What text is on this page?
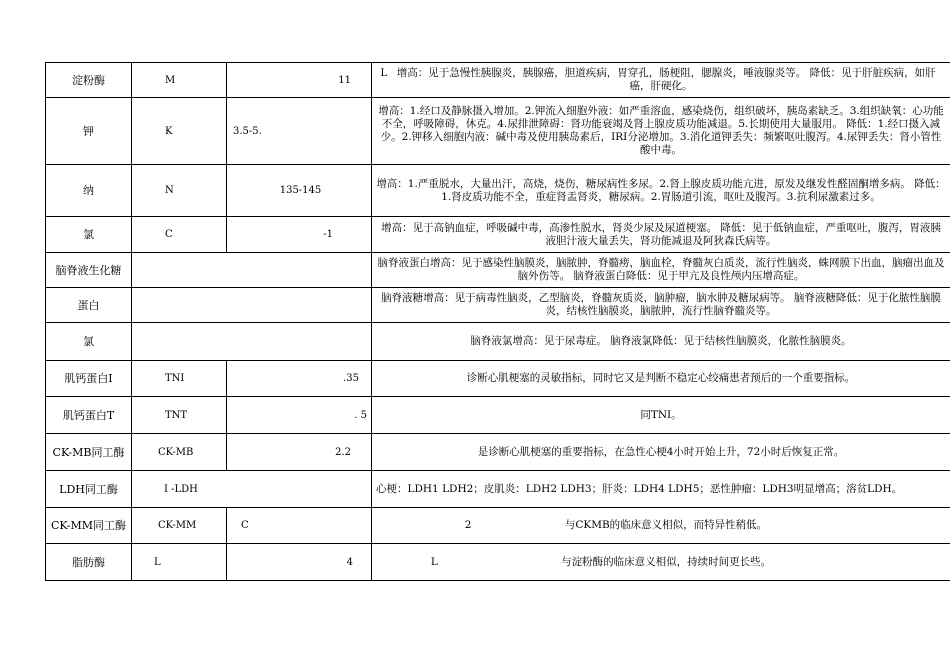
淀粉酶	M	11	L 增高：见于急慢性胰腺炎，胰腺癌，胆道疾病，胃穿孔，肠梗阻，腮腺炎，唾液腺炎等。 降低：见于肝脏疾病，如肝癌，肝硬化。
钾	K	3.5-5.	增高：1.经口及静脉摄入增加。2.钾流入细胞外液：如严重溶血，感染烧伤，组织破坏，胰岛素缺乏。3.组织缺氧：心功能不全，呼吸障碍，休克。4.尿排泄障碍：肾功能衰竭及肾上腺皮质功能减退。5.长期使用大量服用。 降低：1.经口摄入减少。2.钾移入细胞内液：碱中毒及使用胰岛素后，IRI分泌增加。3.消化道钾丢失：频繁呕吐腹泻。4.尿钾丢失：肾小管性酸中毒。
纳	N	135-145	增高：1.严重脱水，大量出汗，高烧，烧伤，糖尿病性多尿。2.肾上腺皮质功能亢进，原发及继发性醛固酮增多病。 降低：1.肾皮质功能不全，重症肾盂肾炎，糖尿病。2.胃肠道引流，呕吐及腹泻。3.抗利尿激素过多。
氯	C	-1	增高：见于高钠血症，呼吸碱中毒，高渗性脱水，肾炎少尿及尿道梗塞。 降低：见于低钠血症，严重呕吐，腹泻，胃液胰液胆汁液大量丢失，肾功能减退及阿狄森氏病等。
脑脊液生化糖			脑脊液蛋白增高：见于感染性脑膜炎，脑脓肿，脊髓痨，脑血栓，脊髓灰白质炎，流行性脑炎，蛛网膜下出血，脑瘤出血及脑外伤等。 脑脊液蛋白降低：见于甲亢及良性颅内压增高症。
蛋白			脑脊液糖增高：见于病毒性脑炎，乙型脑炎，脊髓灰质炎，脑肿瘤，脑水肿及糖尿病等。 脑脊液糖降低：见于化脓性脑膜炎，结核性脑膜炎，脑脓肿，流行性脑脊髓炎等。
氯			脑脊液氯增高：见于尿毒症。 脑脊液氯降低：见于结核性脑膜炎，化脓性脑膜炎。
肌钙蛋白I	TNI	.35	诊断心肌梗塞的灵敏指标，同时它又是判断不稳定心绞痛患者预后的一个重要指标。
肌钙蛋白T	TNT	. 5	同TNI。
CK-MB同工酶	CK-MB	2.2	是诊断心肌梗塞的重要指标，在急性心梗4小时开始上升，72小时后恢复正常。
LDH同工酶	I -LDH		心梗：LDH1 LDH2；皮肌炎：LDH2 LDH3；肝炎：LDH4 LDH5；恶性肿瘤：LDH3明显增高；溶贫LDH。
CK-MM同工酶	CK-MM	C	2 与CKMB的临床意义相似，而特异性稍低。
脂肪酶	L	4	L 与淀粉酶的临床意义相似，持续时间更长些。
